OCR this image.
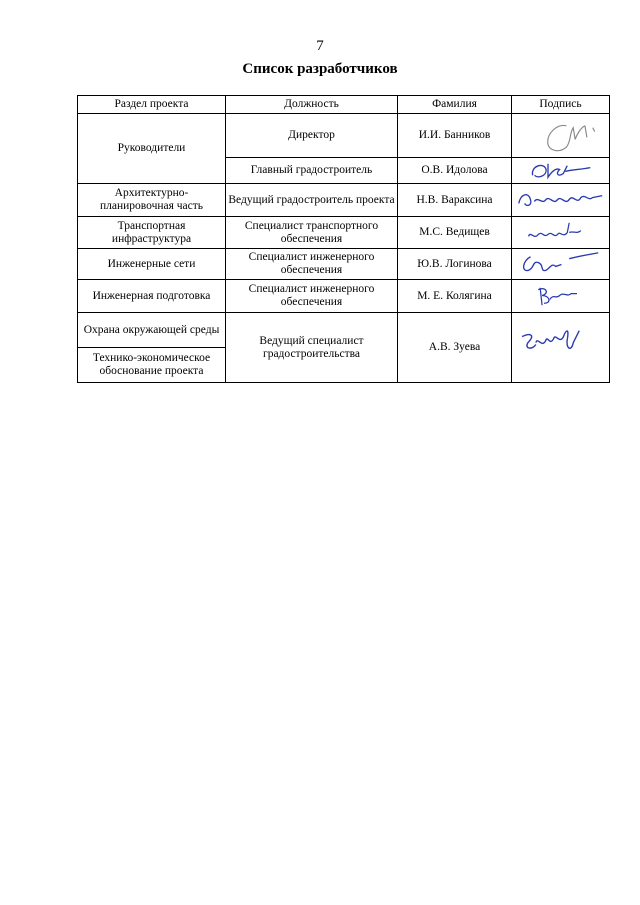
7
Список разработчиков
Раздел проекта	Должность	Фамилия	Подпись
Руководители	Директор	И.И. Банников	

	Главный градостроитель	О.В. Идолова	

Архитектурно-планировочная часть	Ведущий градостроитель проекта	Н.В. Вараксина	

Транспортная инфраструктура	Специалист транспортного обеспечения	М.С. Ведищев	

Инженерные сети	Специалист инженерного обеспечения	Ю.В. Логинова	

Инженерная подготовка	Специалист инженерного обеспечения	М. Е. Колягина	

Охрана окружающей среды	Ведущий специалист градостроительства	А.В. Зуева	

Технико-экономическое обоснование проекта			
